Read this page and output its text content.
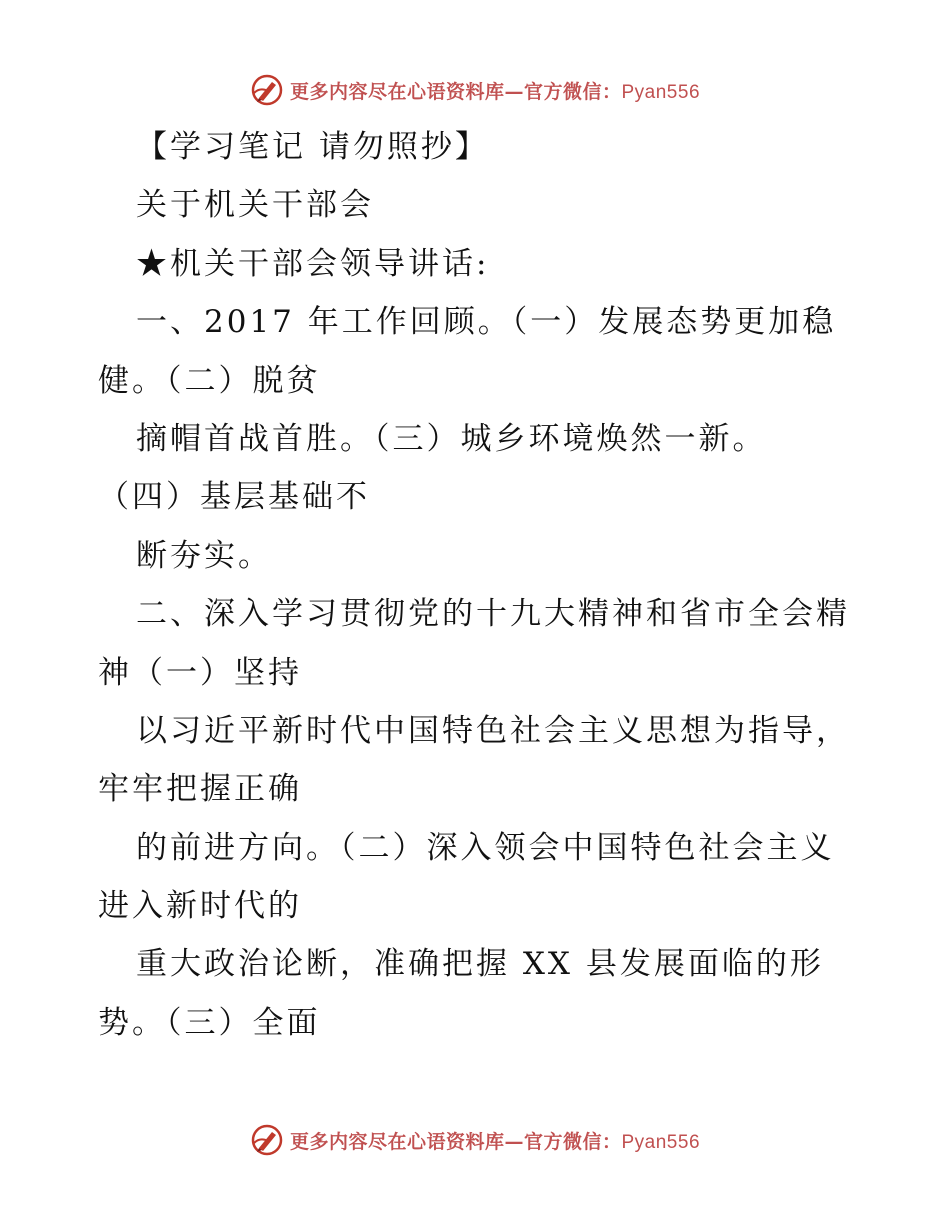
更多内容尽在心语资料库—官方微信：Pyan556
【学习笔记 请勿照抄】
关于机关干部会
★机关干部会领导讲话:
一、2017 年工作回顾。（一）发展态势更加稳
健。（二）脱贫
摘帽首战首胜。（三）城乡环境焕然一新。
（四）基层基础不
断夯实。
二、深入学习贯彻党的十九大精神和省市全会精
神（一）坚持
以习近平新时代中国特色社会主义思想为指导，
牢牢把握正确
的前进方向。（二）深入领会中国特色社会主义
进入新时代的
重大政治论断，准确把握 XX 县发展面临的形
势。（三）全面
更多内容尽在心语资料库—官方微信：Pyan556
